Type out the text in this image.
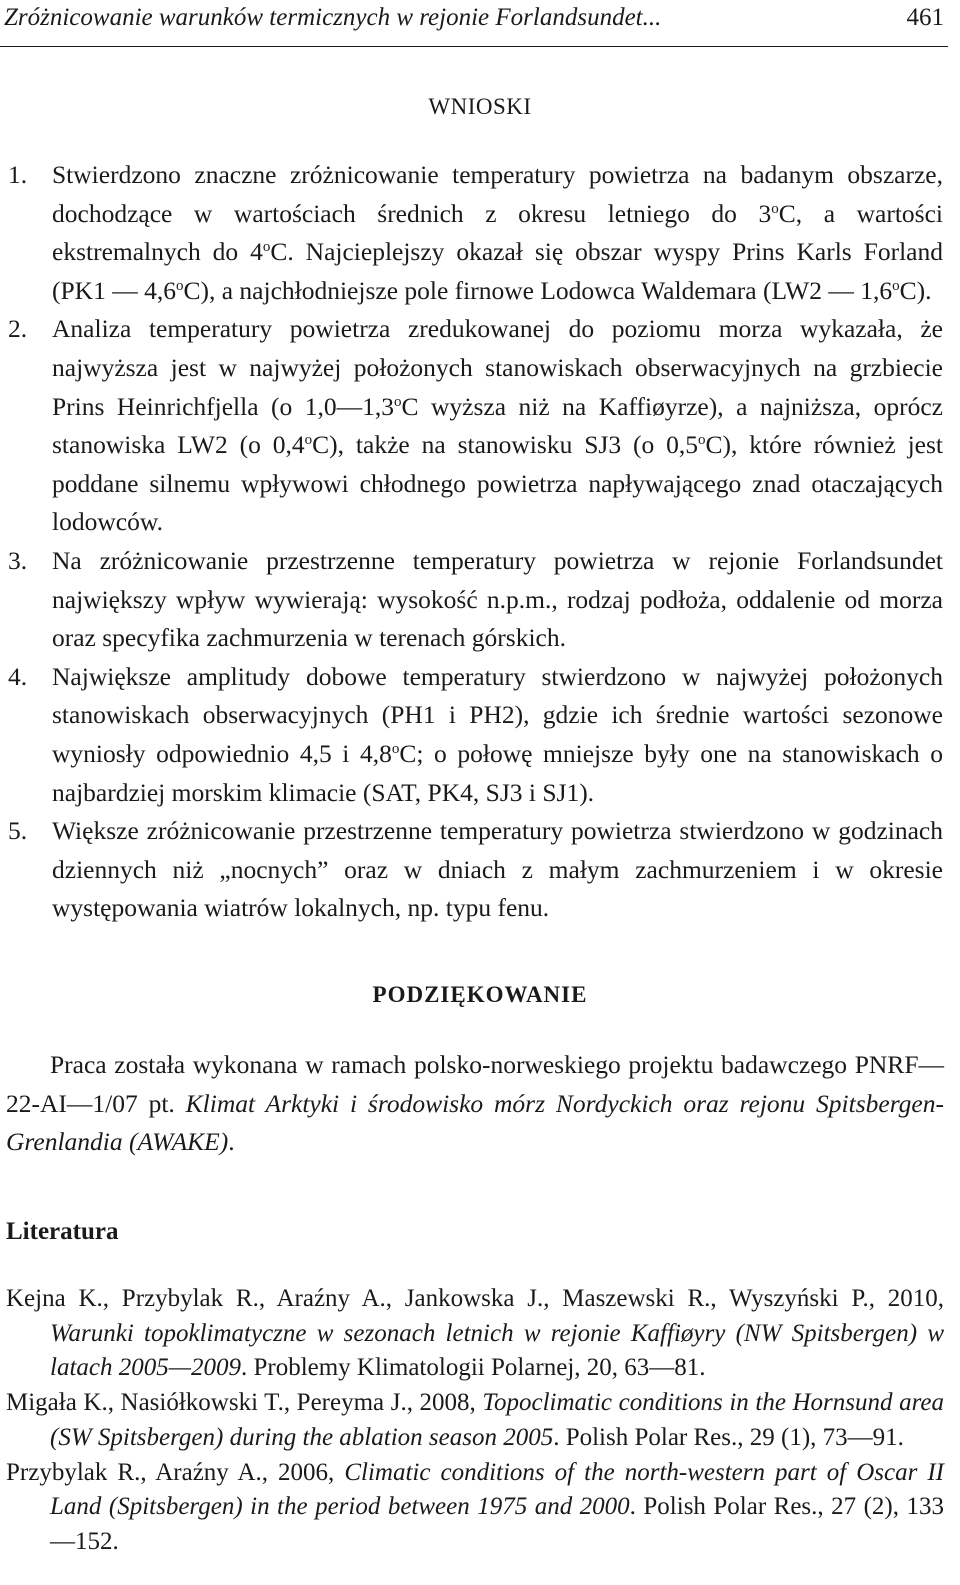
Zróżnicowanie warunków termicznych w rejonie Forlandsundet...	461
WNIOSKI
1. Stwierdzono znaczne zróżnicowanie temperatury powietrza na badanym obszarze, dochodzące w wartościach średnich z okresu letniego do 3$^o$C, a wartości ekstremalnych do 4$^o$C. Najcieplejszy okazał się obszar wyspy Prins Karls Forland (PK1 — 4,6$^o$C), a najchłodniejsze pole firnowe Lodowca Waldemara (LW2 — 1,6$^o$C).
2. Analiza temperatury powietrza zredukowanej do poziomu morza wykazała, że najwyższa jest w najwyżej położonych stanowiskach obserwacyjnych na grzbiecie Prins Heinrichfjella (o 1,0—1,3$^o$C wyższa niż na Kaffiøyrze), a najniższa, oprócz stanowiska LW2 (o 0,4$^o$C), także na stanowisku SJ3 (o 0,5$^o$C), które również jest poddane silnemu wpływowi chłodnego powietrza napływającego znad otaczających lodowców.
3. Na zróżnicowanie przestrzenne temperatury powietrza w rejonie Forlandsundet największy wpływ wywierają: wysokość n.p.m., rodzaj podłoża, oddalenie od morza oraz specyfika zachmurzenia w terenach górskich.
4. Największe amplitudy dobowe temperatury stwierdzono w najwyżej położonych stanowiskach obserwacyjnych (PH1 i PH2), gdzie ich średnie wartości sezonowe wyniosły odpowiednio 4,5 i 4,8$^o$C; o połowę mniejsze były one na stanowiskach o najbardziej morskim klimacie (SAT, PK4, SJ3 i SJ1).
5. Większe zróżnicowanie przestrzenne temperatury powietrza stwierdzono w godzinach dziennych niż „nocnych” oraz w dniach z małym zachmurzeniem i w okresie występowania wiatrów lokalnych, np. typu fenu.
PODZIĘKOWANIE
Praca została wykonana w ramach polsko-norweskiego projektu badawczego PNRF—22-AI—1/07 pt. Klimat Arktyki i środowisko mórz Nordyckich oraz rejonu Spitsbergen-Grenlandia (AWAKE).
Literatura
Kejna K., Przybylak R., Araźny A., Jankowska J., Maszewski R., Wyszyński P., 2010, Warunki topoklimatyczne w sezonach letnich w rejonie Kaffiøyry (NW Spitsbergen) w latach 2005—2009. Problemy Klimatologii Polarnej, 20, 63—81.
Migała K., Nasiółkowski T., Pereyma J., 2008, Topoclimatic conditions in the Hornsund area (SW Spitsbergen) during the ablation season 2005. Polish Polar Res., 29 (1), 73—91.
Przybylak R., Araźny A., 2006, Climatic conditions of the north-western part of Oscar II Land (Spitsbergen) in the period between 1975 and 2000. Polish Polar Res., 27 (2), 133—152.
